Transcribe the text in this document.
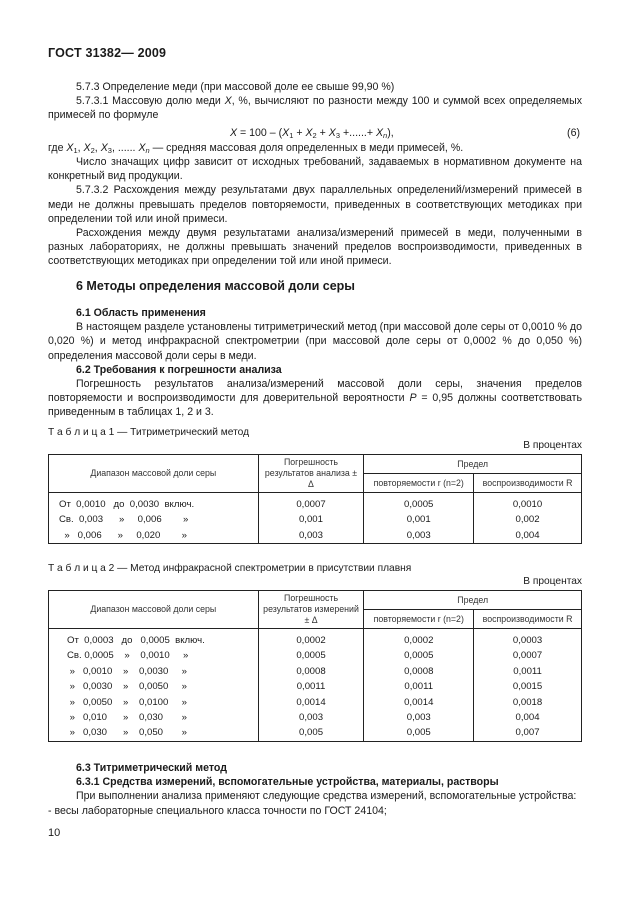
ГОСТ 31382— 2009

5.7.3 Определение меди (при массовой доле ее свыше 99,90 %)

5.7.3.1 Массовую долю меди X, %, вычисляют по разности между 100 и суммой всех определяемых примесей по формуле

$X = 100 - (X_1 + X_2 + X_3$ +......+ $X_n$),	(6)

где $X_1$, $X_2$, $X_3$, ...... $X_n$ — средняя массовая доля определенных в меди примесей, %.

Число значащих цифр зависит от исходных требований, задаваемых в нормативном документе на конкретный вид продукции.

5.7.3.2 Расхождения между результатами двух параллельных определений/измерений примесей в меди не должны превышать пределов повторяемости, приведенных в соответствующих методиках при определении той или иной примеси.

Расхождения между двумя результатами анализа/измерений примесей в меди, полученными в разных лабораториях, не должны превышать значений пределов воспроизводимости, приведенных в соответствующих методиках при определении той или иной примеси.

6 Методы определения массовой доли серы

6.1 Область применения

В настоящем разделе установлены титриметрический метод (при массовой доле серы от 0,0010 % до 0,020 %) и метод инфракрасной спектрометрии (при массовой доле серы от 0,0002 % до 0,050 %) определения массовой доли серы в меди.

6.2 Требования к погрешности анализа

Погрешность результатов анализа/измерений массовой доли серы, значения пределов повторяемости и воспроизводимости для доверительной вероятности P = 0,95 должны соответствовать приведенным в таблицах 1, 2 и 3.

Т а б л и ц а 1 — Титриметрический метод
В процентах
Диапазон массовой доли серы	Погрешность результатов анализа ± Δ	Предел	
		повторяемости r (n=2)	воспроизводимости R
От  0,0010   до  0,0030  включ.	0,0007	0,0005	0,0010
Св.  0,003      »     0,006        »	0,001	0,001	0,002
»   0,006      »     0,020        »	0,003	0,003	0,004
Т а б л и ц а 2 — Метод инфракрасной спектрометрии в присутствии плавня
В процентах
Диапазон массовой доли серы	Погрешность результатов измерений ± Δ	Предел	
		повторяемости r (n=2)	воспроизводимости R
От  0,0003   до   0,0005  включ.	0,0002	0,0002	0,0003
Св. 0,0005    »    0,0010     »	0,0005	0,0005	0,0007
»   0,0010    »    0,0030     »	0,0008	0,0008	0,0011
»   0,0030    »    0,0050     »	0,0011	0,0011	0,0015
»   0,0050    »    0,0100     »	0,0014	0,0014	0,0018
»   0,010      »    0,030       »	0,003	0,003	0,004
»   0,030      »    0,050       »	0,005	0,005	0,007

6.3 Титриметрический метод

6.3.1 Средства измерений, вспомогательные устройства, материалы, растворы

При выполнении анализа применяют следующие средства измерений, вспомогательные устройства:

- весы лабораторные специального класса точности по ГОСТ 24104;

10
